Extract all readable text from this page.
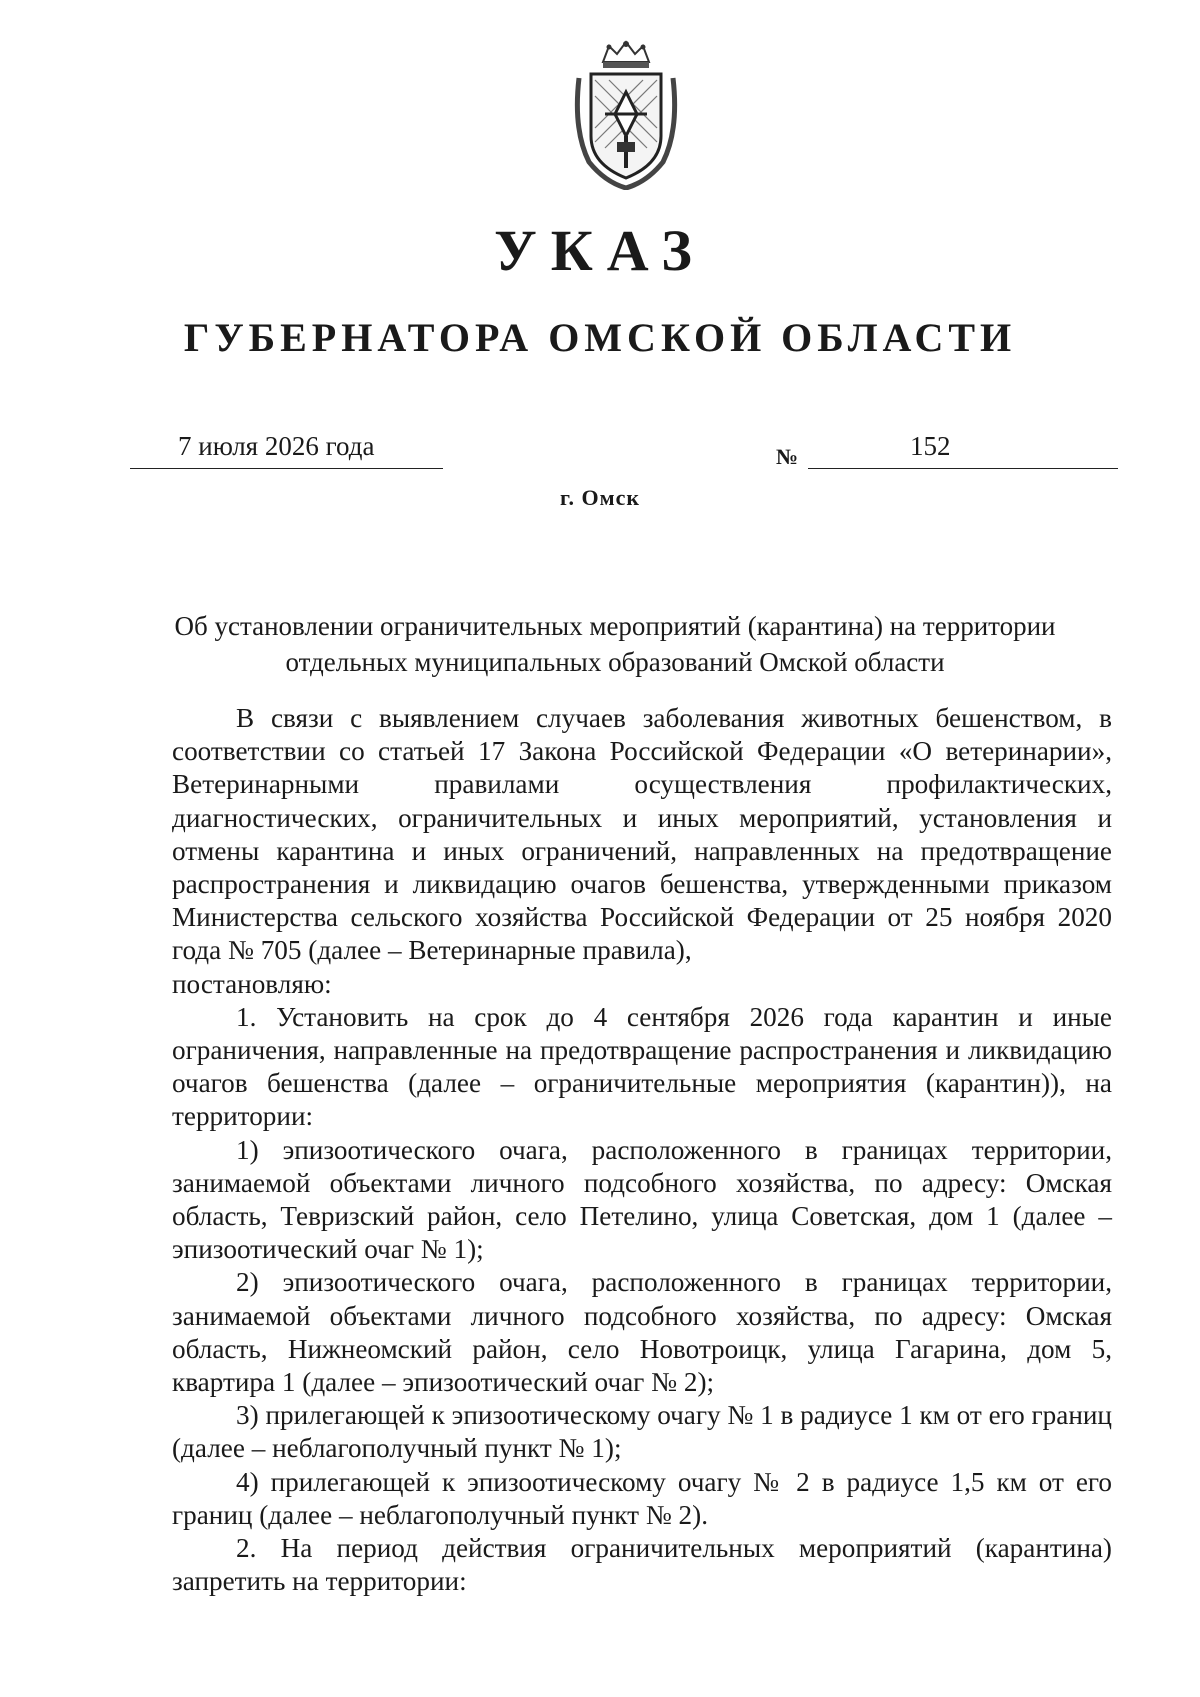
УКАЗ
ГУБЕРНАТОРА ОМСКОЙ ОБЛАСТИ
7 июля 2026 года	№	152
г. Омск

Об установлении ограничительных мероприятий (карантина) на территории
отдельных муниципальных образований Омской области

В связи с выявлением случаев заболевания животных бешенством, в соответствии со статьей 17 Закона Российской Федерации «О ветеринарии», Ветеринарными правилами осуществления профилактических, диагностических, ограничительных и иных мероприятий, установления и отмены карантина и иных ограничений, направленных на предотвращение распространения и ликвидацию очагов бешенства, утвержденными приказом Министерства сельского хозяйства Российской Федерации от 25 ноября 2020 года № 705 (далее – Ветеринарные правила),

постановляю:

1. Установить на срок до 4 сентября 2026 года карантин и иные ограничения, направленные на предотвращение распространения и ликвидацию очагов бешенства (далее – ограничительные мероприятия (карантин)), на территории:

1) эпизоотического очага, расположенного в границах территории, занимаемой объектами личного подсобного хозяйства, по адресу: Омская область, Тевризский район, село Петелино, улица Советская, дом 1 (далее – эпизоотический очаг № 1);

2) эпизоотического очага, расположенного в границах территории, занимаемой объектами личного подсобного хозяйства, по адресу: Омская область, Нижнеомский район, село Новотроицк, улица Гагарина, дом 5, квартира 1 (далее – эпизоотический очаг № 2);

3) прилегающей к эпизоотическому очагу № 1 в радиусе 1 км от его границ (далее – неблагополучный пункт № 1);

4) прилегающей к эпизоотическому очагу № 2 в радиусе 1,5 км от его границ (далее – неблагополучный пункт № 2).

2. На период действия ограничительных мероприятий (карантина) запретить на территории:
